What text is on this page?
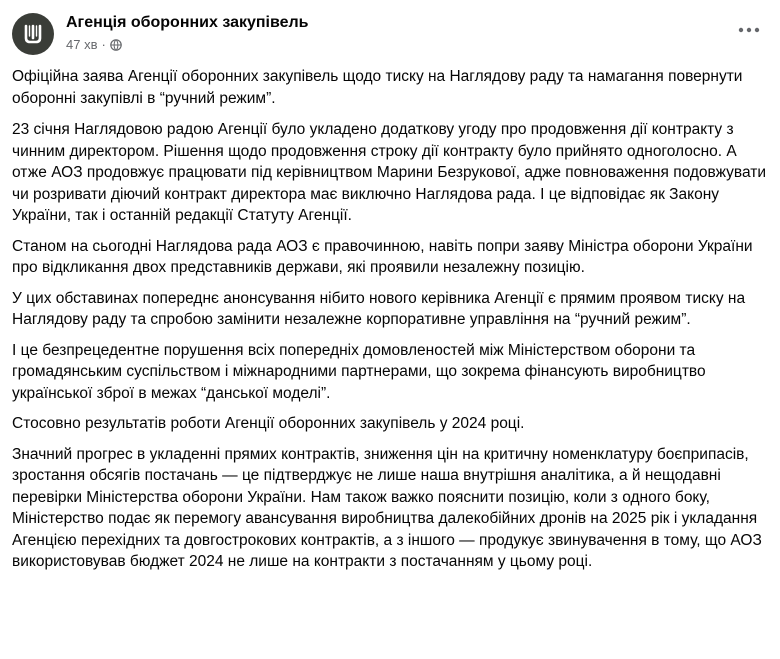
Агенція оборонних закупівель
47 хв ·

Офіційна заява Агенції оборонних закупівель щодо тиску на Наглядову раду та намагання повернути оборонні закупівлі в “ручний режим”.

23 січня Наглядовою радою Агенції було укладено додаткову угоду про продовження дії контракту з чинним директором. Рішення щодо продовження строку дії контракту було прийнято одноголосно. А отже АОЗ продовжує працювати під керівництвом Марини Безрукової, адже повноваження подовжувати чи розривати діючий контракт директора має виключно Наглядова рада. І це відповідає як Закону України, так і останній редакції Статуту Агенції.

Станом на сьогодні Наглядова рада АОЗ є правочинною, навіть попри заяву Міністра оборони України про відкликання двох представників держави, які проявили незалежну позицію.

У цих обставинах попереднє анонсування нібито нового керівника Агенції є прямим проявом тиску на Наглядову раду та спробою замінити незалежне корпоративне управління на “ручний режим”.

І це безпрецедентне порушення всіх попередніх домовленостей між Міністерством оборони та громадянським суспільством і міжнародними партнерами, що зокрема фінансують виробництво української зброї в межах “данської моделі”.

Стосовно результатів роботи Агенції оборонних закупівель у 2024 році.

Значний прогрес в укладенні прямих контрактів, зниження цін на критичну номенклатуру боєприпасів, зростання обсягів постачань — це підтверджує не лише наша внутрішня аналітика, а й нещодавні перевірки Міністерства оборони України. Нам також важко пояснити позицію, коли з одного боку, Міністерство подає як перемогу авансування виробництва далекобійних дронів на 2025 рік і укладання Агенцією перехідних та довгострокових контрактів, а з іншого — продукує звинувачення в тому, що АОЗ використовував бюджет 2024 не лише на контракти з постачанням у цьому році.
